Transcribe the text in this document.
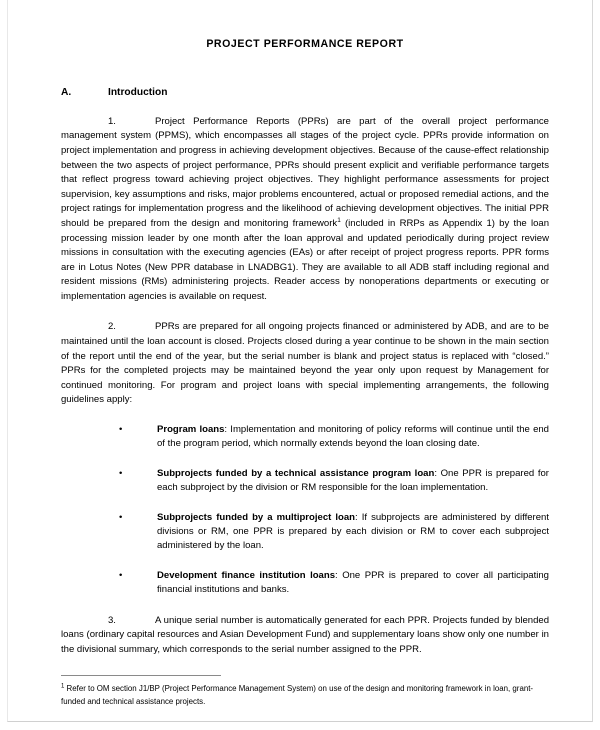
PROJECT PERFORMANCE REPORT
A.	Introduction
1.	Project Performance Reports (PPRs) are part of the overall project performance management system (PPMS), which encompasses all stages of the project cycle. PPRs provide information on project implementation and progress in achieving development objectives. Because of the cause-effect relationship between the two aspects of project performance, PPRs should present explicit and verifiable performance targets that reflect progress toward achieving project objectives. They highlight performance assessments for project supervision, key assumptions and risks, major problems encountered, actual or proposed remedial actions, and the project ratings for implementation progress and the likelihood of achieving development objectives. The initial PPR should be prepared from the design and monitoring framework$^1$ (included in RRPs as Appendix 1) by the loan processing mission leader by one month after the loan approval and updated periodically during project review missions in consultation with the executing agencies (EAs) or after receipt of project progress reports. PPR forms are in Lotus Notes (New PPR database in LNADBG1). They are available to all ADB staff including regional and resident missions (RMs) administering projects. Reader access by nonoperations departments or executing or implementation agencies is available on request.
2.	PPRs are prepared for all ongoing projects financed or administered by ADB, and are to be maintained until the loan account is closed. Projects closed during a year continue to be shown in the main section of the report until the end of the year, but the serial number is blank and project status is replaced with “closed.” PPRs for the completed projects may be maintained beyond the year only upon request by Management for continued monitoring. For program and project loans with special implementing arrangements, the following guidelines apply:
•	Program loans: Implementation and monitoring of policy reforms will continue until the end of the program period, which normally extends beyond the loan closing date.
•	Subprojects funded by a technical assistance program loan: One PPR is prepared for each subproject by the division or RM responsible for the loan implementation.
•	Subprojects funded by a multiproject loan: If subprojects are administered by different divisions or RM, one PPR is prepared by each division or RM to cover each subproject administered by the loan.
•	Development finance institution loans: One PPR is prepared to cover all participating financial institutions and banks.
3.	A unique serial number is automatically generated for each PPR. Projects funded by blended loans (ordinary capital resources and Asian Development Fund) and supplementary loans show only one number in the divisional summary, which corresponds to the serial number assigned to the PPR.
$^1$ Refer to OM section J1/BP (Project Performance Management System) on use of the design and monitoring framework in loan, grant-funded and technical assistance projects.
